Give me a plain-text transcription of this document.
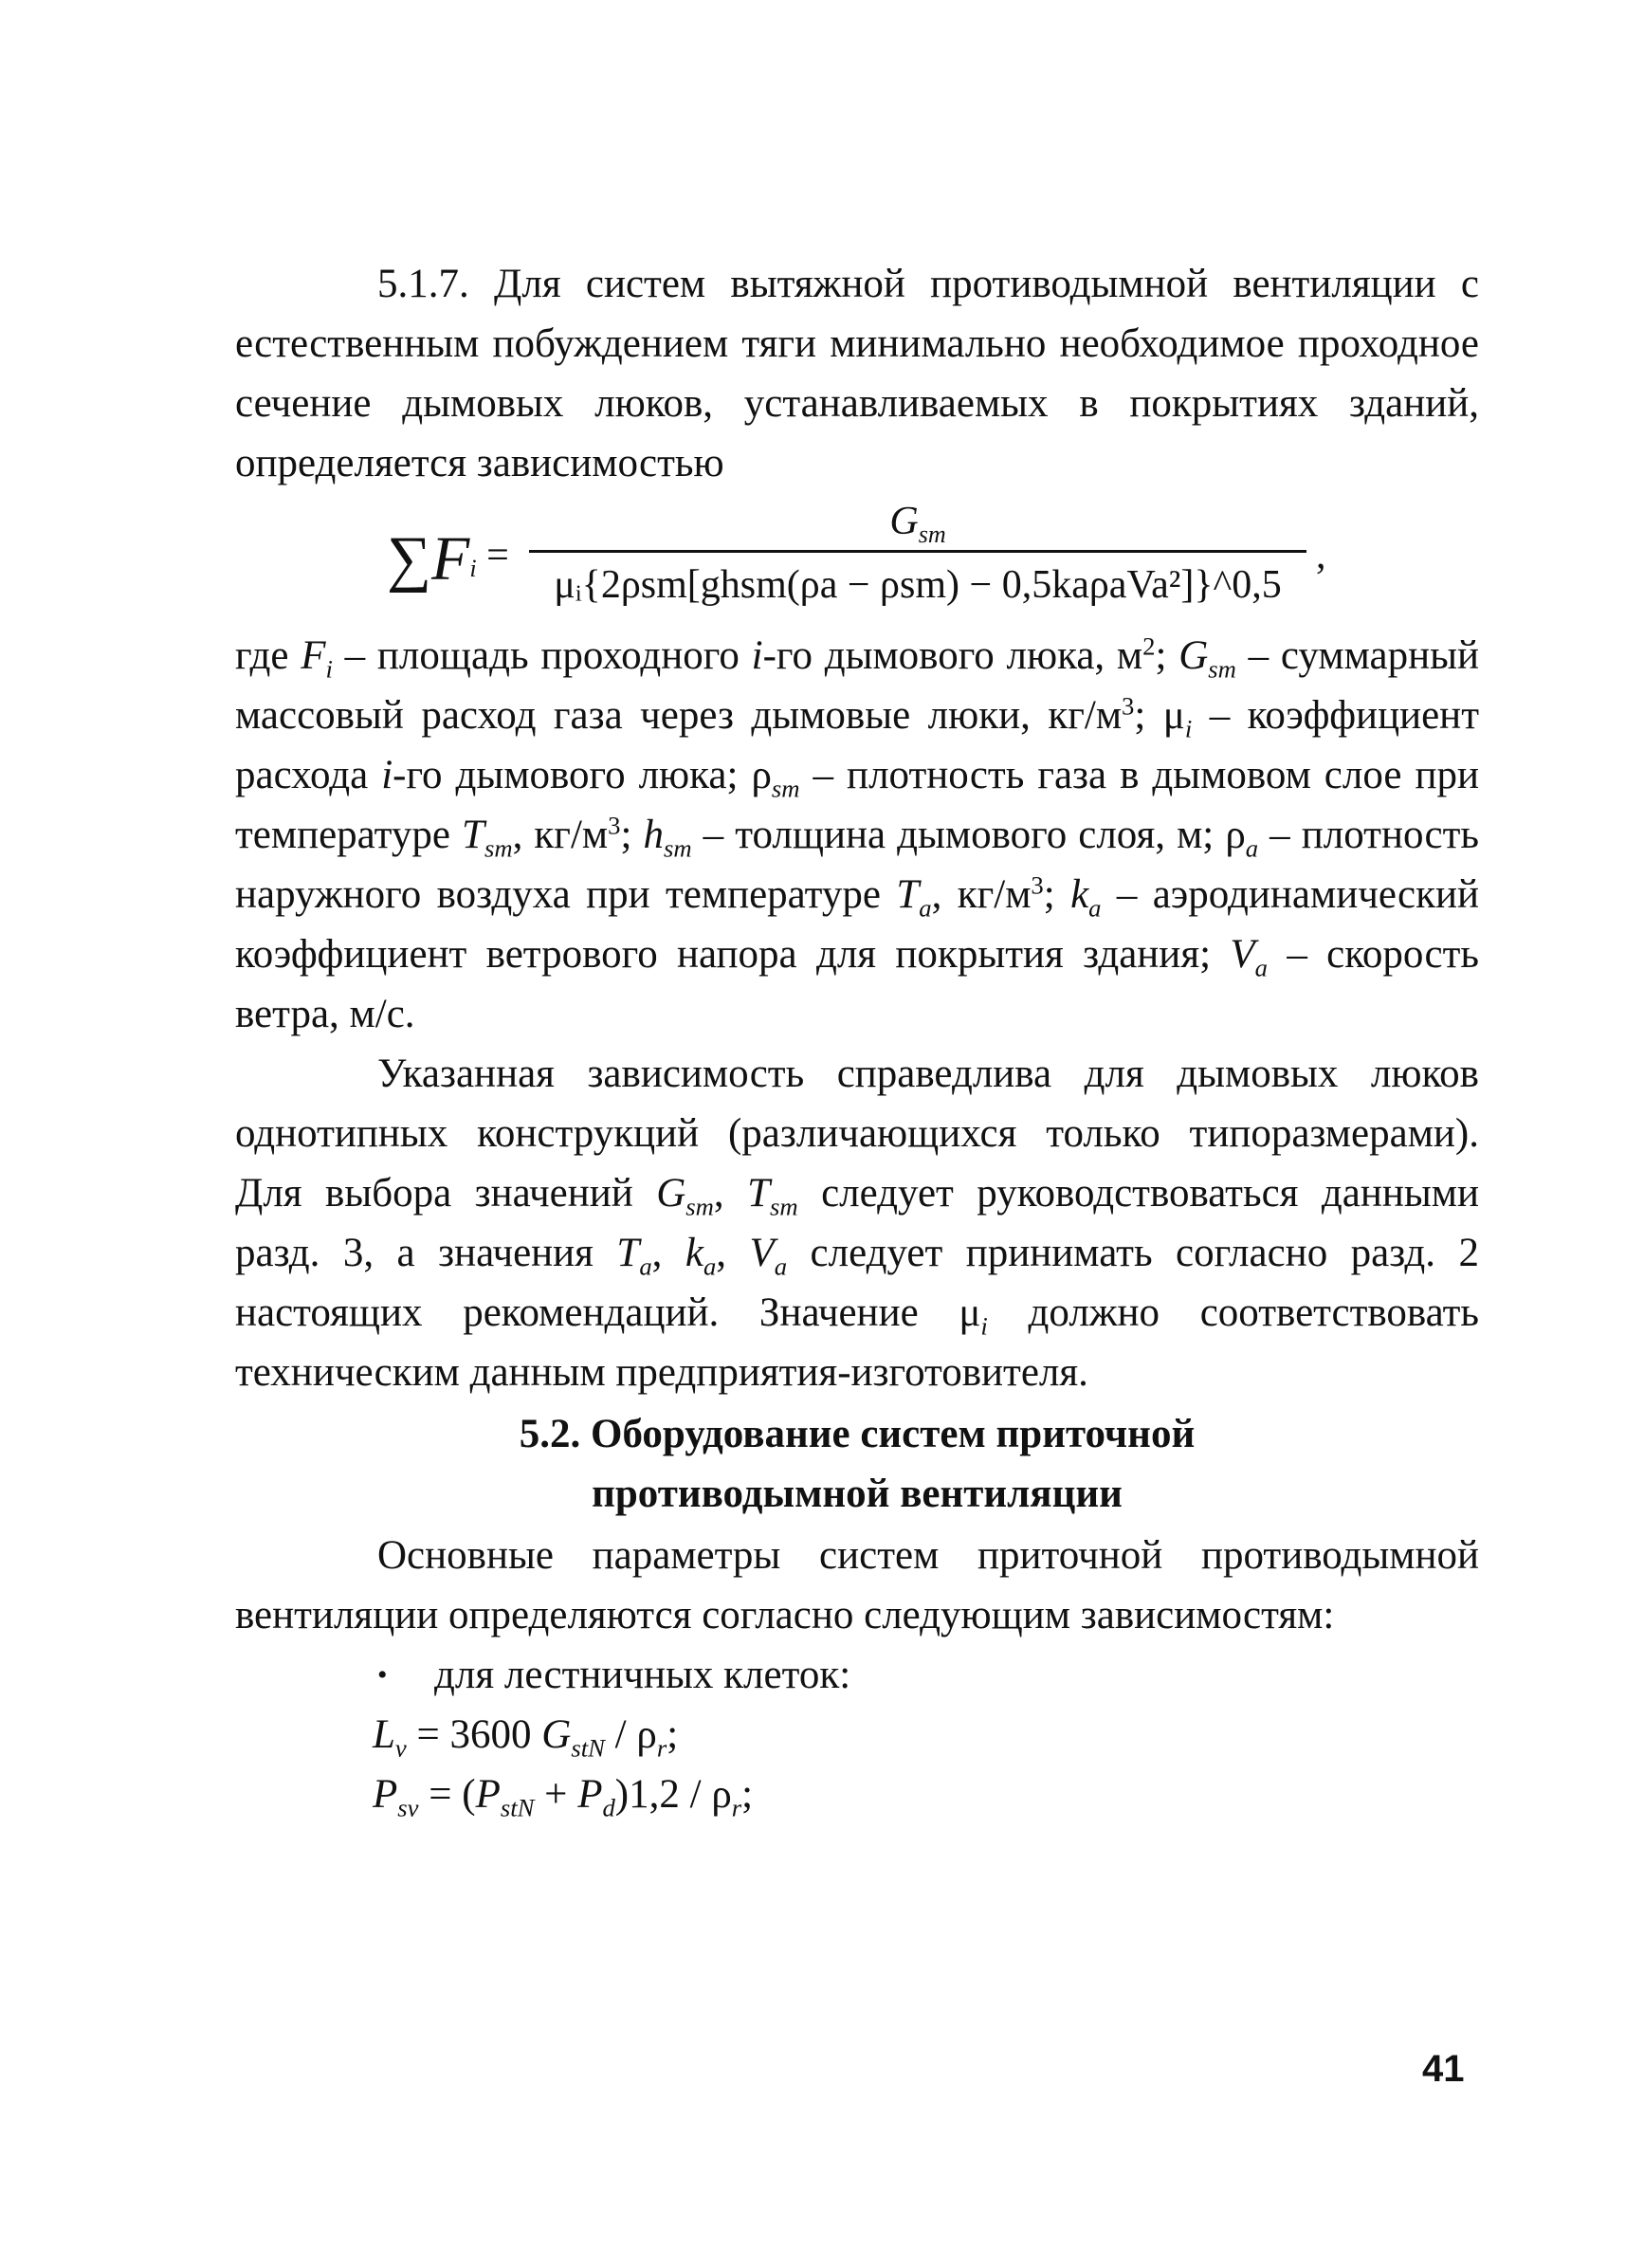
5.1.7. Для систем вытяжной противодымной вентиляции с естественным побуждением тяги минимально необходимое проходное сечение дымовых люков, устанавливаемых в покрытиях зданий, определяется зависимостью

$\sum F_i$ =
$G_{sm}$
μᵢ{2ρsm[ghsm(ρa − ρsm) − 0,5kaρaVa²]}^0,5
,

где $F_i$ – площадь проходного i-го дымового люка, $м^2$; $G_{sm}$ – суммарный массовый расход газа через дымовые люки, $кг/м^3$; $\mu_i$ – коэффициент расхода i-го дымового люка; $\rho_{sm}$ – плотность газа в дымовом слое при температуре $T_{sm}$, $кг/м^3$; $h_{sm}$ – толщина дымового слоя, м; $\rho_a$ – плотность наружного воздуха при температуре $T_a$, $кг/м^3$; $k_a$ – аэродинамический коэффициент ветрового напора для покрытия здания; $V_a$ – скорость ветра, м/с.

Указанная зависимость справедлива для дымовых люков однотипных конструкций (различающихся только типоразмерами). Для выбора значений $G_{sm}$, $T_{sm}$ следует руководствоваться данными разд. 3, а значения $T_a$, $k_a$, $V_a$ следует принимать согласно разд. 2 настоящих рекомендаций. Значение $\mu_i$ должно соответствовать техническим данным предприятия-изготовителя.

5.2. Оборудование систем приточной
противодымной вентиляции

Основные параметры систем приточной противодымной вентиляции определяются согласно следующим зависимостям:

• для лестничных клеток:
$L_v = 3600$ $G_{stN} / \rho_r$;
$P_{sv} = (P_{stN} + P_d)1,2 / \rho_r$;
41
